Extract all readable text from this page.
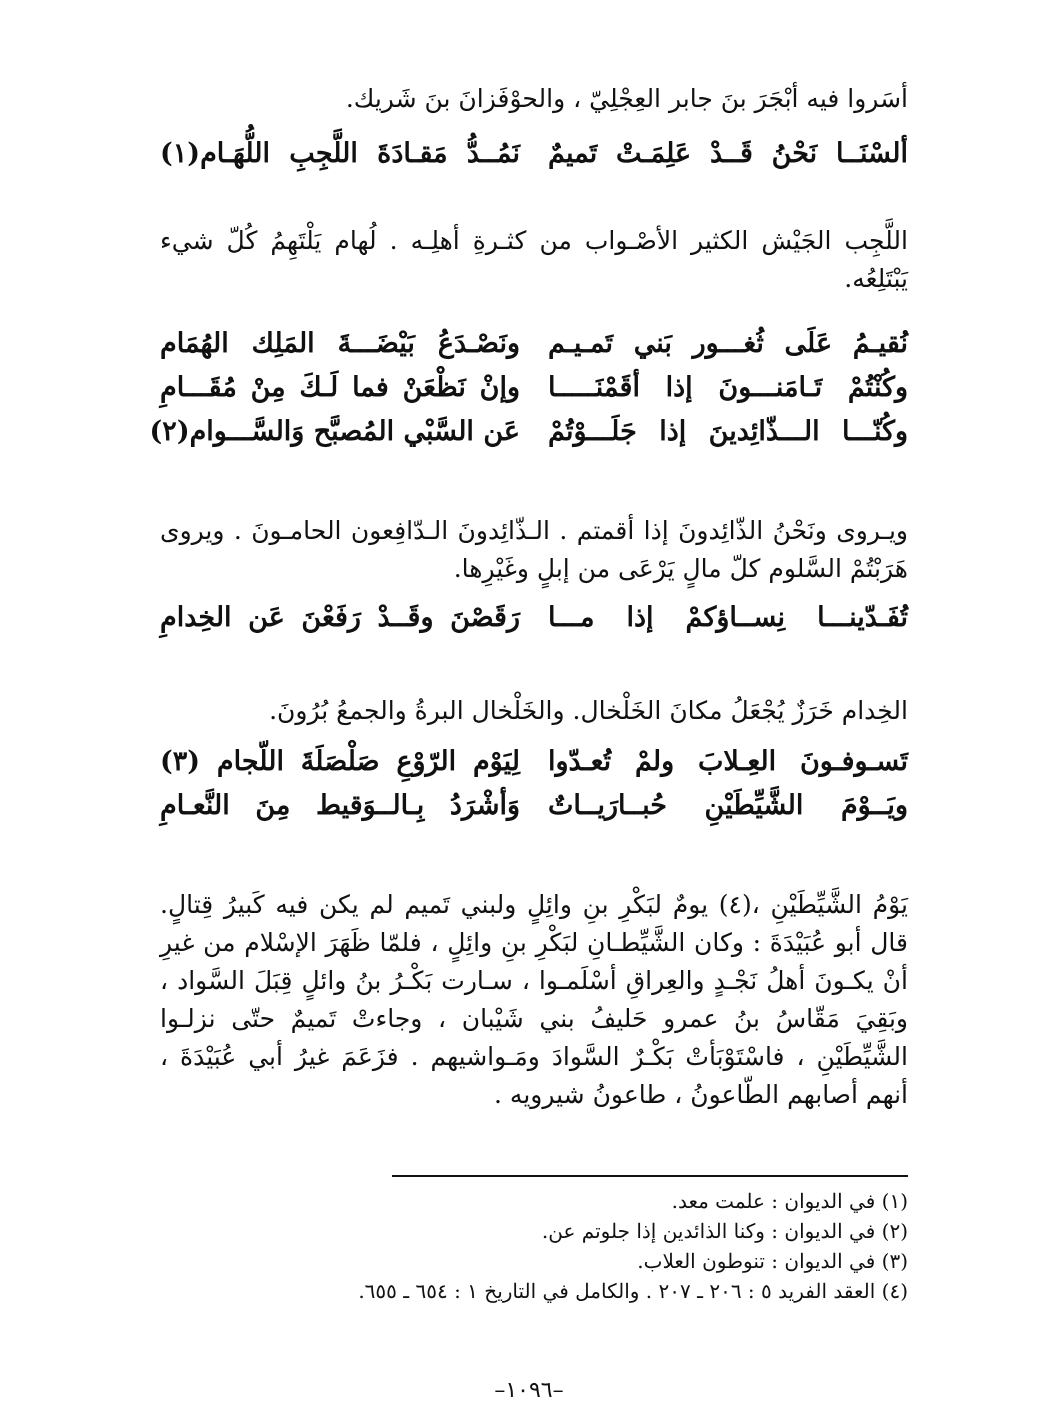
أسَروا فيه أبْجَرَ بنَ جابر العِجْلِيّ ، والحوْفَزانَ بنَ شَريك.

ألسْنَــا نَحْنُ قَــدْ عَلِمَـتْ تَميمٌ
نَمُــدُّ مَقـادَةَ اللَّجِبِ اللُّهَـام(١)

اللَّجِب الجَيْش الكثير الأصْـواب من كثـرةِ أهلِـه . لُهام يَلْتَهِمُ كُلّ شيء يَبْتَلِعُه.

نُقيـمُ عَلَى ثُغـــور بَني تَمـيـم
ونَصْـدَعُ بَيْضَـــةَ المَلِك الهُمَام
وكُنْتُمْ تَـامَنـــونَ إذا أقَمْنَـــــا
وإنْ نَظْعَنْ فما لَـكَ مِنْ مُقَـــامِ
وكُنّـــا الـــذّائِدينَ إذا جَلَـــوْتُمْ
عَن السَّبْي المُصبَّح وَالسَّـــوام(٢)

ويـروى ونَحْنُ الذّائِدونَ إذا أقمتم . الـذّائِدونَ الـدّافِعون الحامـونَ . ويروى هَرَبْتُمْ السَّلوم كلّ مالٍ يَرْعَى من إبلٍ وغَيْرِها.

تُفَـدّينـــا نِســاؤكمْ إذا مـــا
رَقَصْنَ وقَــدْ رَفَعْنَ عَن الخِدامِ

الخِدام خَرَزٌ يُجْعَلُ مكانَ الخَلْخال. والخَلْخال البرةُ والجمعُ بُرُونَ.

تَسـوفـونَ العِـلابَ ولمْ تُعـدّوا
لِيَوْم الرّوْعِ صَلْصَلَةَ اللّجام (٣)
ويَــوْمَ الشَّيِّطَيْنِ حُبــارَيــاتٌ
وَأشْرَدُ بِـالــوَقيط مِنَ النَّعـامِ

يَوْمُ الشَّيِّطَيْنِ ،(٤) يومٌ لبَكْرِ بنِ وائِلٍ ولبني تَميم لم يكن فيه كَبيرُ قِتالٍ. قال أبو عُبَيْدَةَ : وكان الشَّيِّطـانِ لبَكْرِ بنِ وائِلٍ ، فلمّا ظَهَرَ الإسْلام من غيرِ أنْ يكـونَ أهلُ نَجْـدٍ والعِراقِ أسْلَمـوا ، سـارت بَكْـرُ بنُ وائلٍ قِبَلَ السَّواد ، وبَقِيَ مَقّاسُ بنُ عمرو حَليفُ بني شَيْبان ، وجاءتْ تَميمٌ حتّى نزلـوا الشَّيِّطَيْنِ ، فاسْتَوْبَأتْ بَكْـرٌ السَّوادَ ومَـواشيهم . فزَعَمَ غيرُ أبي عُبَيْدَةَ ، أنهم أصابهم الطّاعونُ ، طاعونُ شيرويه .

(١) في الديوان : علمت معد.
(٢) في الديوان : وكنا الذائدين إذا جلوتم عن.
(٣) في الديوان : تنوطون العلاب.
(٤) العقد الفريد ٥ : ٢٠٦ ـ ٢٠٧ . والكامل في التاريخ ١ : ٦٥٤ ـ ٦٥٥.
–١٠٩٦–
